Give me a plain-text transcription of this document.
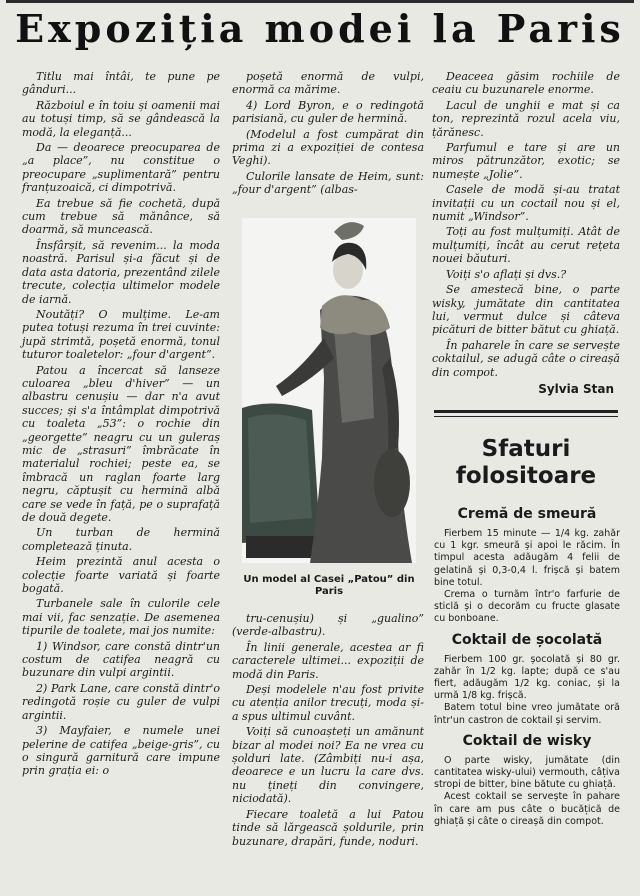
Expoziția modei la Paris

Titlu mai întâi, te pune pe gânduri...

Războiul e în toiu și oamenii mai au totuși timp, să se gândească la modă, la eleganță...

Da — deoarece preocuparea de „a place”, nu constitue o preocupare „suplimentară” pentru franțuzoaică, ci dimpotrivă.

Ea trebue să fie cochetă, după cum trebue să mănânce, să doarmă, să muncească.

Însfârșit, să revenim... la moda noastră. Parisul și-a făcut și de data asta datoria, prezentând zilele trecute, colecția ultimelor modele de iarnă.

Noutăți? O mulțime. Le-am putea totuși rezuma în trei cuvinte: jupă strimtă, poșetă enormă, tonul tuturor toaletelor: „four d'argent”.

Patou a încercat să lanseze culoarea „bleu d'hiver” — un albastru cenușiu — dar n'a avut succes; și s'a întâmplat dimpotrivă cu toaleta „53”: o rochie din „georgette” neagru cu un guleraș mic de „strasuri” îmbrăcate în materialul rochiei; peste ea, se îmbracă un raglan foarte larg negru, căptușit cu hermină albă care se vede în față, pe o suprafață de două degete.

Un turban de hermină completează ținuta.

Heim prezintă anul acesta o colecție foarte variată și foarte bogată.

Turbanele sale în culorile cele mai vii, fac senzație. De asemenea tipurile de toalete, mai jos numite:

1) Windsor, care constă dintr'un costum de catifea neagră cu buzunare din vulpi argintii.

2) Park Lane, care constă dintr'o redingotă roșie cu guler de vulpi argintii.

3) Mayfaier, e numele unei pelerine de catifea „beige-gris”, cu o singură garnitură care impune prin grația ei: o

poșetă enormă de vulpi, enormă ca mărime.

4) Lord Byron, e o redingotă parisiană, cu guler de hermină.

(Modelul a fost cumpărat din prima zi a expoziției de contesa Veghi).

Culorile lansate de Heim, sunt: „four d'argent” (albas-

Un model al Casei „Patou” din Paris

tru-cenușiu) și „gualino” (verde-albastru).

În linii generale, acestea ar fi caracterele ultimei... expoziții de modă din Paris.

Deși modelele n'au fost privite cu atenția anilor trecuți, moda și-a spus ultimul cuvânt.

Voiți să cunoașteți un amănunt bizar al modei noi? Ea ne vrea cu șolduri late. (Zâmbiți nu-i așa, deoarece e un lucru la care dvs. nu țineți din convingere, niciodată).

Fiecare toaletă a lui Patou tinde să lărgească șoldurile, prin buzunare, drapări, funde, noduri.

Deaceea găsim rochiile de ceaiu cu buzunarele enorme.

Lacul de unghii e mat și ca ton, reprezintă rozul acela viu, țărănesc.

Parfumul e tare și are un miros pătrunzător, exotic; se numește „Jolie”.

Casele de modă și-au tratat invitații cu un coctail nou și el, numit „Windsor”.

Toți au fost mulțumiți. Atât de mulțumiți, încât au cerut rețeta nouei băuturi.

Voiți s'o aflați și dvs.?

Se amestecă bine, o parte wisky, jumătate din cantitatea lui, vermut dulce și câteva picături de bitter bătut cu ghiață.

În paharele în care se servește coktailul, se adugă câte o cireașă din compot.

Sylvia Stan
Sfaturi folositoare
Cremă de smeură

Fierbem 15 minute — 1/4 kg. zahăr cu 1 kgr. smeură și apoi le răcim. În timpul acesta adăugăm 4 felii de gelatină și 0,3-0,4 l. frișcă și batem bine totul.

Crema o turnăm într'o farfurie de sticlă și o decorăm cu fructe glasate cu bonboane.

Coktail de șocolată

Fierbem 100 gr. șocolată și 80 gr. zahăr în 1/2 kg. lapte; după ce s'au fiert, adăugăm 1/2 kg. coniac, și la urmă 1/8 kg. frișcă.

Batem totul bine vreo jumătate oră într'un castron de coktail și servim.

Coktail de wisky

O parte wisky, jumătate (din cantitatea wisky-ului) vermouth, câțiva stropi de bitter, bine bătute cu ghiață.

Acest coktail se servește în pahare în care am pus câte o bucățică de ghiață și câte o cireașă din compot.
